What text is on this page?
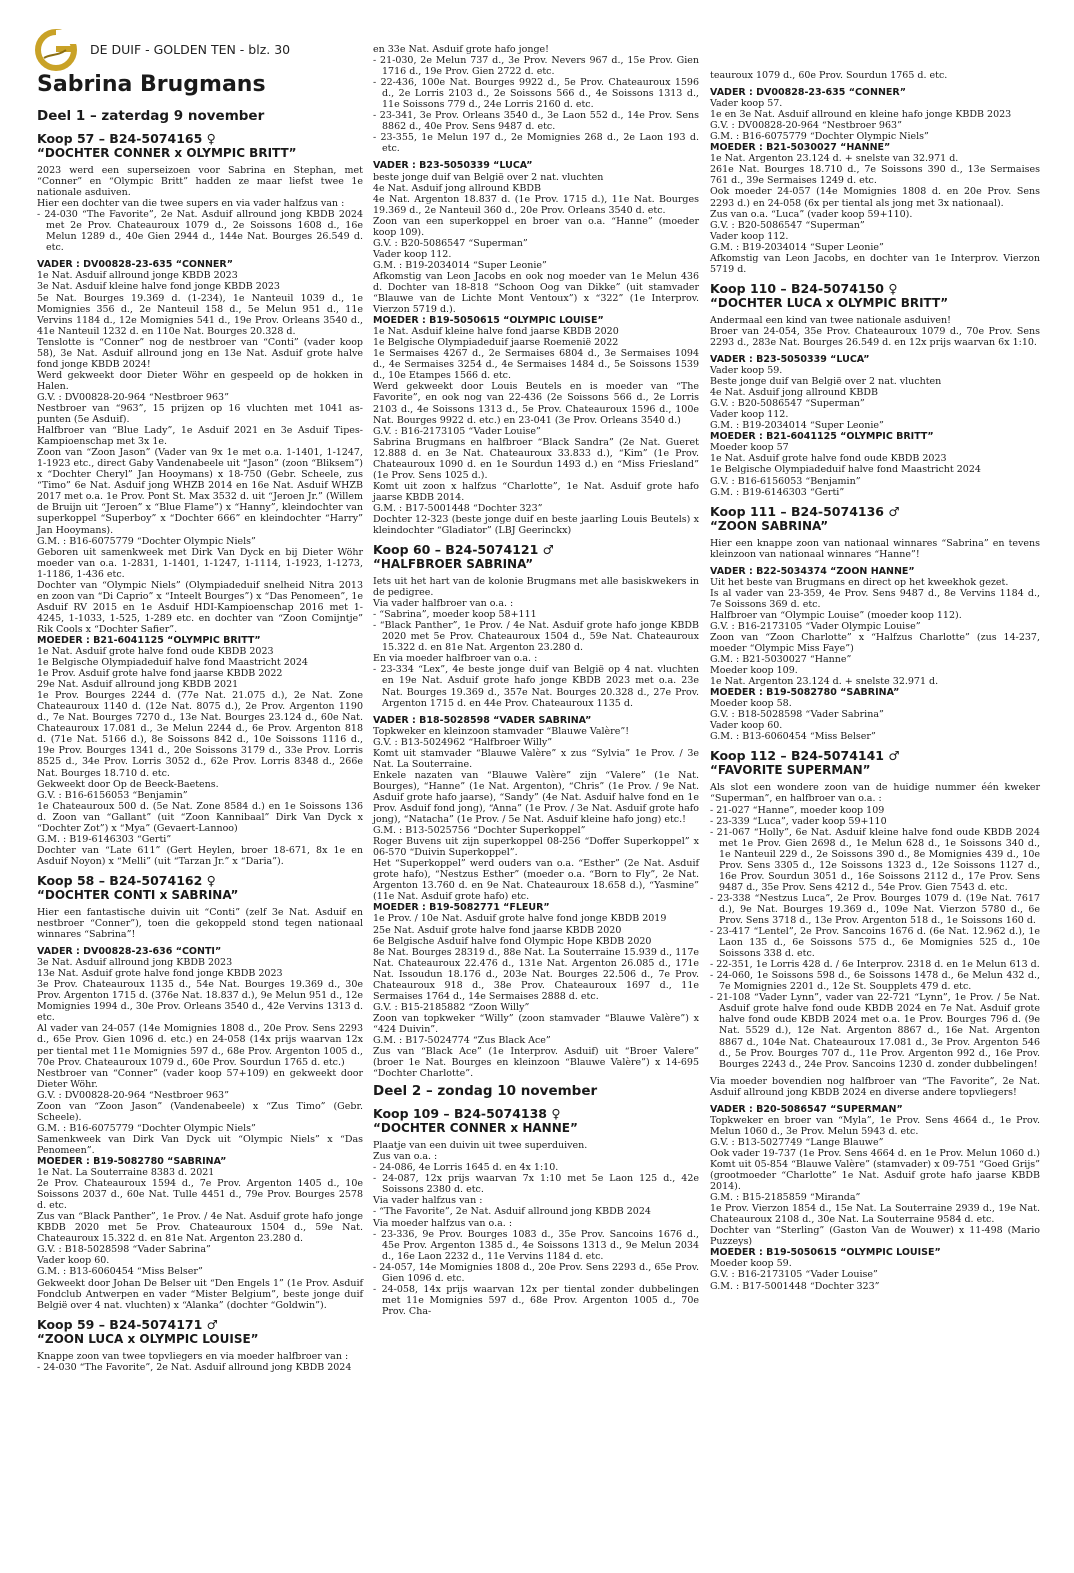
DE DUIF - GOLDEN TEN - blz. 30
Sabrina Brugmans

Deel 1 – zaterdag 9 november

Koop 57 – B24-5074165 ♀

“DOCHTER CONNER x OLYMPIC BRITT”

2023 werd een superseizoen voor Sabrina en Stephan, met “Conner” en “Olympic Britt” hadden ze maar liefst twee 1e nationale asduiven.

Hier een dochter van die twee supers en via vader halfzus van :

- 24-030 “The Favorite”, 2e Nat. Asduif allround jong KBDB 2024 met 2e Prov. Chateauroux 1079 d., 2e Soissons 1608 d., 16e Melun 1289 d., 40e Gien 2944 d., 144e Nat. Bourges 26.549 d. etc.

VADER : DV00828-23-635 “CONNER”

1e Nat. Asduif allround jonge KBDB 2023

3e Nat. Asduif kleine halve fond jonge KBDB 2023

5e Nat. Bourges 19.369 d. (1-234), 1e Nanteuil 1039 d., 1e Momignies 356 d., 2e Nanteuil 158 d., 5e Melun 951 d., 11e Vervins 1184 d., 12e Momignies 541 d., 19e Prov. Orleans 3540 d., 41e Nanteuil 1232 d. en 110e Nat. Bourges 20.328 d.

Tenslotte is “Conner” nog de nestbroer van “Conti” (vader koop 58), 3e Nat. Asduif allround jong en 13e Nat. Asduif grote halve fond jonge KBDB 2024!

Werd gekweekt door Dieter Wöhr en gespeeld op de hokken in Halen.

G.V. : DV00828-20-964 “Nestbroer 963”

Nestbroer van “963”, 15 prijzen op 16 vluchten met 1041 as-punten (5e Asduif).

Halfbroer van “Blue Lady”, 1e Asduif 2021 en 3e Asduif Tipes-Kampioenschap met 3x 1e.

Zoon van “Zoon Jason” (Vader van 9x 1e met o.a. 1-1401, 1-1247, 1-1923 etc., direct Gaby Vandenabeele uit “Jason” (zoon “Bliksem”) x “Dochter Cheryl” Jan Hooymans) x 18-750 (Gebr. Scheele, zus “Timo” 6e Nat. Asduif jong WHZB 2014 en 16e Nat. Asduif WHZB 2017 met o.a. 1e Prov. Pont St. Max 3532 d. uit “Jeroen Jr.” (Willem de Bruijn uit “Jeroen” x “Blue Flame”) x “Hanny”, kleindochter van superkoppel “Superboy” x “Dochter 666” en kleindochter “Harry” Jan Hooymans).

G.M. : B16-6075779 “Dochter Olympic Niels”

Geboren uit samenkweek met Dirk Van Dyck en bij Dieter Wöhr moeder van o.a. 1-2831, 1-1401, 1-1247, 1-1114, 1-1923, 1-1273, 1-1186, 1-436 etc.

Dochter van “Olympic Niels” (Olympiadeduif snelheid Nitra 2013 en zoon van “Di Caprio” x “Inteelt Bourges”) x “Das Penomeen”, 1e Asduif RV 2015 en 1e Asduif HDI-Kampioenschap 2016 met 1-4245, 1-1033, 1-525, 1-289 etc. en dochter van “Zoon Comijntje” Rik Cools x “Dochter Safier”.

MOEDER : B21-6041125 “OLYMPIC BRITT”

1e Nat. Asduif grote halve fond oude KBDB 2023

1e Belgische Olympiadeduif halve fond Maastricht 2024

1e Prov. Asduif grote halve fond jaarse KBDB 2022

29e Nat. Asduif allround jong KBDB 2021

1e Prov. Bourges 2244 d. (77e Nat. 21.075 d.), 2e Nat. Zone Chateauroux 1140 d. (12e Nat. 8075 d.), 2e Prov. Argenton 1190 d., 7e Nat. Bourges 7270 d., 13e Nat. Bourges 23.124 d., 60e Nat. Chateauroux 17.081 d., 3e Melun 2244 d., 6e Prov. Argenton 818 d. (71e Nat. 5166 d.), 8e Soissons 842 d., 10e Soissons 1116 d., 19e Prov. Bourges 1341 d., 20e Soissons 3179 d., 33e Prov. Lorris 8525 d., 34e Prov. Lorris 3052 d., 62e Prov. Lorris 8348 d., 266e Nat. Bourges 18.710 d. etc.

Gekweekt door Op de Beeck-Baetens.

G.V. : B16-6156053 “Benjamin”

1e Chateauroux 500 d. (5e Nat. Zone 8584 d.) en 1e Soissons 136 d. Zoon van “Gallant” (uit “Zoon Kannibaal” Dirk Van Dyck x “Dochter Zot”) x “Mya” (Gevaert-Lannoo)

G.M. : B19-6146303 “Gerti”

Dochter van “Late 611” (Gert Heylen, broer 18-671, 8x 1e en Asduif Noyon) x “Melli” (uit “Tarzan Jr.” x “Daria”).

Koop 58 – B24-5074162 ♀

“DOCHTER CONTI x SABRINA”

Hier een fantastische duivin uit “Conti” (zelf 3e Nat. Asduif en nestbroer “Conner”), toen die gekoppeld stond tegen nationaal winnares “Sabrina”!

VADER : DV00828-23-636 “CONTI”

3e Nat. Asduif allround jong KBDB 2023

13e Nat. Asduif grote halve fond jonge KBDB 2023

3e Prov. Chateauroux 1135 d., 54e Nat. Bourges 19.369 d., 30e Prov. Argenton 1715 d. (376e Nat. 18.837 d.), 9e Melun 951 d., 12e Momignies 1994 d., 30e Prov. Orleans 3540 d., 42e Vervins 1313 d. etc.

Al vader van 24-057 (14e Momignies 1808 d., 20e Prov. Sens 2293 d., 65e Prov. Gien 1096 d. etc.) en 24-058 (14x prijs waarvan 12x per tiental met 11e Momignies 597 d., 68e Prov. Argenton 1005 d., 70e Prov. Chateauroux 1079 d., 60e Prov. Sourdun 1765 d. etc.)

Nestbroer van “Conner” (vader koop 57+109) en gekweekt door Dieter Wöhr.

G.V. : DV00828-20-964 “Nestbroer 963”

Zoon van “Zoon Jason” (Vandenabeele) x “Zus Timo” (Gebr. Scheele).

G.M. : B16-6075779 “Dochter Olympic Niels”

Samenkweek van Dirk Van Dyck uit “Olympic Niels” x “Das Penomeen”.

MOEDER : B19-5082780 “SABRINA”

1e Nat. La Souterraine 8383 d. 2021

2e Prov. Chateauroux 1594 d., 7e Prov. Argenton 1405 d., 10e Soissons 2037 d., 60e Nat. Tulle 4451 d., 79e Prov. Bourges 2578 d. etc.

Zus van “Black Panther”, 1e Prov. / 4e Nat. Asduif grote hafo jonge KBDB 2020 met 5e Prov. Chateauroux 1504 d., 59e Nat. Chateauroux 15.322 d. en 81e Nat. Argenton 23.280 d.

G.V. : B18-5028598 “Vader Sabrina”

Vader koop 60.

G.M. : B13-6060454 “Miss Belser”

Gekweekt door Johan De Belser uit “Den Engels 1” (1e Prov. Asduif Fondclub Antwerpen en vader “Mister Belgium”, beste jonge duif België over 4 nat. vluchten) x “Alanka” (dochter “Goldwin”).

Koop 59 – B24-5074171 ♂

“ZOON LUCA x OLYMPIC LOUISE”

Knappe zoon van twee topvliegers en via moeder halfbroer van :

- 24-030 “The Favorite”, 2e Nat. Asduif allround jong KBDB 2024

en 33e Nat. Asduif grote hafo jonge!

- 21-030, 2e Melun 737 d., 3e Prov. Nevers 967 d., 15e Prov. Gien 1716 d., 19e Prov. Gien 2722 d. etc.

- 22-436, 100e Nat. Bourges 9922 d., 5e Prov. Chateauroux 1596 d., 2e Lorris 2103 d., 2e Soissons 566 d., 4e Soissons 1313 d., 11e Soissons 779 d., 24e Lorris 2160 d. etc.

- 23-341, 3e Prov. Orleans 3540 d., 3e Laon 552 d., 14e Prov. Sens 8862 d., 40e Prov. Sens 9487 d. etc.

- 23-355, 1e Melun 197 d., 2e Momignies 268 d., 2e Laon 193 d. etc.

VADER : B23-5050339 “LUCA”

beste jonge duif van België over 2 nat. vluchten

4e Nat. Asduif jong allround KBDB

4e Nat. Argenton 18.837 d. (1e Prov. 1715 d.), 11e Nat. Bourges 19.369 d., 2e Nanteuil 360 d., 20e Prov. Orleans 3540 d. etc.

Zoon van een superkoppel en broer van o.a. “Hanne” (moeder koop 109).

G.V. : B20-5086547 “Superman”

Vader koop 112.

G.M. : B19-2034014 “Super Leonie”

Afkomstig van Leon Jacobs en ook nog moeder van 1e Melun 436 d. Dochter van 18-818 “Schoon Oog van Dikke” (uit stamvader “Blauwe van de Lichte Mont Ventoux”) x “322” (1e Interprov. Vierzon 5719 d.).

MOEDER : B19-5050615 “OLYMPIC LOUISE”

1e Nat. Asduif kleine halve fond jaarse KBDB 2020

1e Belgische Olympiadeduif jaarse Roemenië 2022

1e Sermaises 4267 d., 2e Sermaises 6804 d., 3e Sermaises 1094 d., 4e Sermaises 3254 d., 4e Sermaises 1484 d., 5e Soissons 1539 d., 10e Etampes 1566 d. etc.

Werd gekweekt door Louis Beutels en is moeder van “The Favorite”, en ook nog van 22-436 (2e Soissons 566 d., 2e Lorris 2103 d., 4e Soissons 1313 d., 5e Prov. Chateauroux 1596 d., 100e Nat. Bourges 9922 d. etc.) en 23-041 (3e Prov. Orleans 3540 d.)

G.V. : B16-2173105 “Vader Louise”

Sabrina Brugmans en halfbroer “Black Sandra” (2e Nat. Gueret 12.888 d. en 3e Nat. Chateauroux 33.833 d.), “Kim” (1e Prov. Chateauroux 1090 d. en 1e Sourdun 1493 d.) en “Miss Friesland” (1e Prov. Sens 1025 d.).

Komt uit zoon x halfzus “Charlotte”, 1e Nat. Asduif grote hafo jaarse KBDB 2014.

G.M. : B17-5001448 “Dochter 323”

Dochter 12-323 (beste jonge duif en beste jaarling Louis Beutels) x kleindochter “Gladiator” (LBJ Geerinckx)

Koop 60 – B24-5074121 ♂

“HALFBROER SABRINA”

Iets uit het hart van de kolonie Brugmans met alle basiskwekers in de pedigree.

Via vader halfbroer van o.a. :

- “Sabrina”, moeder koop 58+111

- “Black Panther”, 1e Prov. / 4e Nat. Asduif grote hafo jonge KBDB 2020 met 5e Prov. Chateauroux 1504 d., 59e Nat. Chateauroux 15.322 d. en 81e Nat. Argenton 23.280 d.

En via moeder halfbroer van o.a. :

- 23-334 “Lex”, 4e beste jonge duif van België op 4 nat. vluchten en 19e Nat. Asduif grote hafo jonge KBDB 2023 met o.a. 23e Nat. Bourges 19.369 d., 357e Nat. Bourges 20.328 d., 27e Prov. Argenton 1715 d. en 44e Prov. Chateauroux 1135 d.

VADER : B18-5028598 “VADER SABRINA”

Topkweker en kleinzoon stamvader “Blauwe Valère”!

G.V. : B13-5024962 “Halfbroer Willy”

Komt uit stamvader “Blauwe Valère” x zus “Sylvia” 1e Prov. / 3e Nat. La Souterraine.

Enkele nazaten van “Blauwe Valère” zijn “Valere” (1e Nat. Bourges), “Hanne” (1e Nat. Argenton), “Chris” (1e Prov. / 9e Nat. Asduif grote hafo jaarse), “Sandy” (4e Nat. Asduif halve fond en 1e Prov. Asduif fond jong), “Anna” (1e Prov. / 3e Nat. Asduif grote hafo jong), “Natacha” (1e Prov. / 5e Nat. Asduif kleine hafo jong) etc.!

G.M. : B13-5025756 “Dochter Superkoppel”

Roger Buvens uit zijn superkoppel 08-256 “Doffer Superkoppel” x 06-570 “Duivin Superkoppel”.

Het “Superkoppel” werd ouders van o.a. “Esther” (2e Nat. Asduif grote hafo), “Nestzus Esther” (moeder o.a. “Born to Fly”, 2e Nat. Argenton 13.760 d. en 9e Nat. Chateauroux 18.658 d.), “Yasmine” (11e Nat. Asduif grote hafo) etc.

MOEDER : B19-5082771 “FLEUR”

1e Prov. / 10e Nat. Asduif grote halve fond jonge KBDB 2019

25e Nat. Asduif grote halve fond jaarse KBDB 2020

6e Belgische Asduif halve fond Olympic Hope KBDB 2020

8e Nat. Bourges 28319 d., 88e Nat. La Souterraine 15.939 d., 117e Nat. Chateauroux 22.476 d., 131e Nat. Argenton 26.085 d., 171e Nat. Issoudun 18.176 d., 203e Nat. Bourges 22.506 d., 7e Prov. Chateauroux 918 d., 38e Prov. Chateauroux 1697 d., 11e Sermaises 1764 d., 14e Sermaises 2888 d. etc.

G.V. : B15-2185882 “Zoon Willy”

Zoon van topkweker “Willy” (zoon stamvader “Blauwe Valère”) x “424 Duivin”.

G.M. : B17-5024774 “Zus Black Ace”

Zus van “Black Ace” (1e Interprov. Asduif) uit “Broer Valere” (broer 1e Nat. Bourges en kleinzoon “Blauwe Valère”) x 14-695 “Dochter Charlotte”.

Deel 2 – zondag 10 november

Koop 109 – B24-5074138 ♀

“DOCHTER CONNER x HANNE”

Plaatje van een duivin uit twee superduiven.

Zus van o.a. :

- 24-086, 4e Lorris 1645 d. en 4x 1:10.

- 24-087, 12x prijs waarvan 7x 1:10 met 5e Laon 125 d., 42e Soissons 2380 d. etc.

Via vader halfzus van :

- “The Favorite”, 2e Nat. Asduif allround jong KBDB 2024

Via moeder halfzus van o.a. :

- 23-336, 9e Prov. Bourges 1083 d., 35e Prov. Sancoins 1676 d., 45e Prov. Argenton 1385 d., 4e Soissons 1313 d., 9e Melun 2034 d., 16e Laon 2232 d., 11e Vervins 1184 d. etc.

- 24-057, 14e Momignies 1808 d., 20e Prov. Sens 2293 d., 65e Prov. Gien 1096 d. etc.

- 24-058, 14x prijs waarvan 12x per tiental zonder dubbelingen met 11e Momignies 597 d., 68e Prov. Argenton 1005 d., 70e Prov. Cha-

teauroux 1079 d., 60e Prov. Sourdun 1765 d. etc.

VADER : DV00828-23-635 “CONNER”

Vader koop 57.

1e en 3e Nat. Asduif allround en kleine hafo jonge KBDB 2023

G.V. : DV00828-20-964 “Nestbroer 963”

G.M. : B16-6075779 “Dochter Olympic Niels”

MOEDER : B21-5030027 “HANNE”

1e Nat. Argenton 23.124 d. + snelste van 32.971 d.

261e Nat. Bourges 18.710 d., 7e Soissons 390 d., 13e Sermaises 761 d., 39e Sermaises 1249 d. etc.

Ook moeder 24-057 (14e Momignies 1808 d. en 20e Prov. Sens 2293 d.) en 24-058 (6x per tiental als jong met 3x nationaal).

Zus van o.a. “Luca” (vader koop 59+110).

G.V. : B20-5086547 “Superman”

Vader koop 112.

G.M. : B19-2034014 “Super Leonie”

Afkomstig van Leon Jacobs, en dochter van 1e Interprov. Vierzon 5719 d.

Koop 110 – B24-5074150 ♀

“DOCHTER LUCA x OLYMPIC BRITT”

Andermaal een kind van twee nationale asduiven!

Broer van 24-054, 35e Prov. Chateauroux 1079 d., 70e Prov. Sens 2293 d., 283e Nat. Bourges 26.549 d. en 12x prijs waarvan 6x 1:10.

VADER : B23-5050339 “LUCA”

Vader koop 59.

Beste jonge duif van België over 2 nat. vluchten

4e Nat. Asduif jong allround KBDB

G.V. : B20-5086547 “Superman”

Vader koop 112.

G.M. : B19-2034014 “Super Leonie”

MOEDER : B21-6041125 “OLYMPIC BRITT”

Moeder koop 57

1e Nat. Asduif grote halve fond oude KBDB 2023

1e Belgische Olympiadeduif halve fond Maastricht 2024

G.V. : B16-6156053 “Benjamin”

G.M. : B19-6146303 “Gerti”

Koop 111 – B24-5074136 ♂

“ZOON SABRINA”

Hier een knappe zoon van nationaal winnares “Sabrina” en tevens kleinzoon van nationaal winnares “Hanne”!

VADER : B22-5034374 “ZOON HANNE”

Uit het beste van Brugmans en direct op het kweekhok gezet.

Is al vader van 23-359, 4e Prov. Sens 9487 d., 8e Vervins 1184 d., 7e Soissons 369 d. etc.

Halfbroer van “Olympic Louise” (moeder koop 112).

G.V. : B16-2173105 “Vader Olympic Louise”

Zoon van “Zoon Charlotte” x “Halfzus Charlotte” (zus 14-237, moeder “Olympic Miss Faye”)

G.M. : B21-5030027 “Hanne”

Moeder koop 109.

1e Nat. Argenton 23.124 d. + snelste 32.971 d.

MOEDER : B19-5082780 “SABRINA”

Moeder koop 58.

G.V. : B18-5028598 “Vader Sabrina”

Vader koop 60.

G.M. : B13-6060454 “Miss Belser”

Koop 112 – B24-5074141 ♂

“FAVORITE SUPERMAN”

Als slot een wondere zoon van de huidige nummer één kweker “Superman”, en halfbroer van o.a. :

- 21-027 “Hanne”, moeder koop 109

- 23-339 “Luca”, vader koop 59+110

- 21-067 “Holly”, 6e Nat. Asduif kleine halve fond oude KBDB 2024 met 1e Prov. Gien 2698 d., 1e Melun 628 d., 1e Soissons 340 d., 1e Nanteuil 229 d., 2e Soissons 390 d., 8e Momignies 439 d., 10e Prov. Sens 3305 d., 12e Soissons 1323 d., 12e Soissons 1127 d., 16e Prov. Sourdun 3051 d., 16e Soissons 2112 d., 17e Prov. Sens 9487 d., 35e Prov. Sens 4212 d., 54e Prov. Gien 7543 d. etc.

- 23-338 “Nestzus Luca”, 2e Prov. Bourges 1079 d. (19e Nat. 7617 d.), 9e Nat. Bourges 19.369 d., 109e Nat. Vierzon 5780 d., 6e Prov. Sens 3718 d., 13e Prov. Argenton 518 d., 1e Soissons 160 d.

- 23-417 “Lentel”, 2e Prov. Sancoins 1676 d. (6e Nat. 12.962 d.), 1e Laon 135 d., 6e Soissons 575 d., 6e Momignies 525 d., 10e Soissons 338 d. etc.

- 22-351, 1e Lorris 428 d. / 6e Interprov. 2318 d. en 1e Melun 613 d.

- 24-060, 1e Soissons 598 d., 6e Soissons 1478 d., 6e Melun 432 d., 7e Momignies 2201 d., 12e St. Soupplets 479 d. etc.

- 21-108 “Vader Lynn”, vader van 22-721 “Lynn”, 1e Prov. / 5e Nat. Asduif grote halve fond oude KBDB 2024 en 7e Nat. Asduif grote halve fond oude KBDB 2024 met o.a. 1e Prov. Bourges 796 d. (9e Nat. 5529 d.), 12e Nat. Argenton 8867 d., 16e Nat. Argenton 8867 d., 104e Nat. Chateauroux 17.081 d., 3e Prov. Argenton 546 d., 5e Prov. Bourges 707 d., 11e Prov. Argenton 992 d., 16e Prov. Bourges 2243 d., 24e Prov. Sancoins 1230 d. zonder dubbelingen!

Via moeder bovendien nog halfbroer van “The Favorite”, 2e Nat. Asduif allround jong KBDB 2024 en diverse andere topvliegers!

VADER : B20-5086547 “SUPERMAN”

Topkweker en broer van “Myla”, 1e Prov. Sens 4664 d., 1e Prov. Melun 1060 d., 3e Prov. Melun 5943 d. etc.

G.V. : B13-5027749 “Lange Blauwe”

Ook vader 19-737 (1e Prov. Sens 4664 d. en 1e Prov. Melun 1060 d.) Komt uit 05-854 “Blauwe Valère” (stamvader) x 09-751 “Goed Grijs” (grootmoeder “Charlotte” 1e Nat. Asduif grote hafo jaarse KBDB 2014).

G.M. : B15-2185859 “Miranda”

1e Prov. Vierzon 1854 d., 15e Nat. La Souterraine 2939 d., 19e Nat. Chateauroux 2108 d., 30e Nat. La Souterraine 9584 d. etc.

Dochter van “Sterling” (Gaston Van de Wouwer) x 11-498 (Mario Puzzeys)

MOEDER : B19-5050615 “OLYMPIC LOUISE”

Moeder koop 59.

G.V. : B16-2173105 “Vader Louise”

G.M. : B17-5001448 “Dochter 323”
